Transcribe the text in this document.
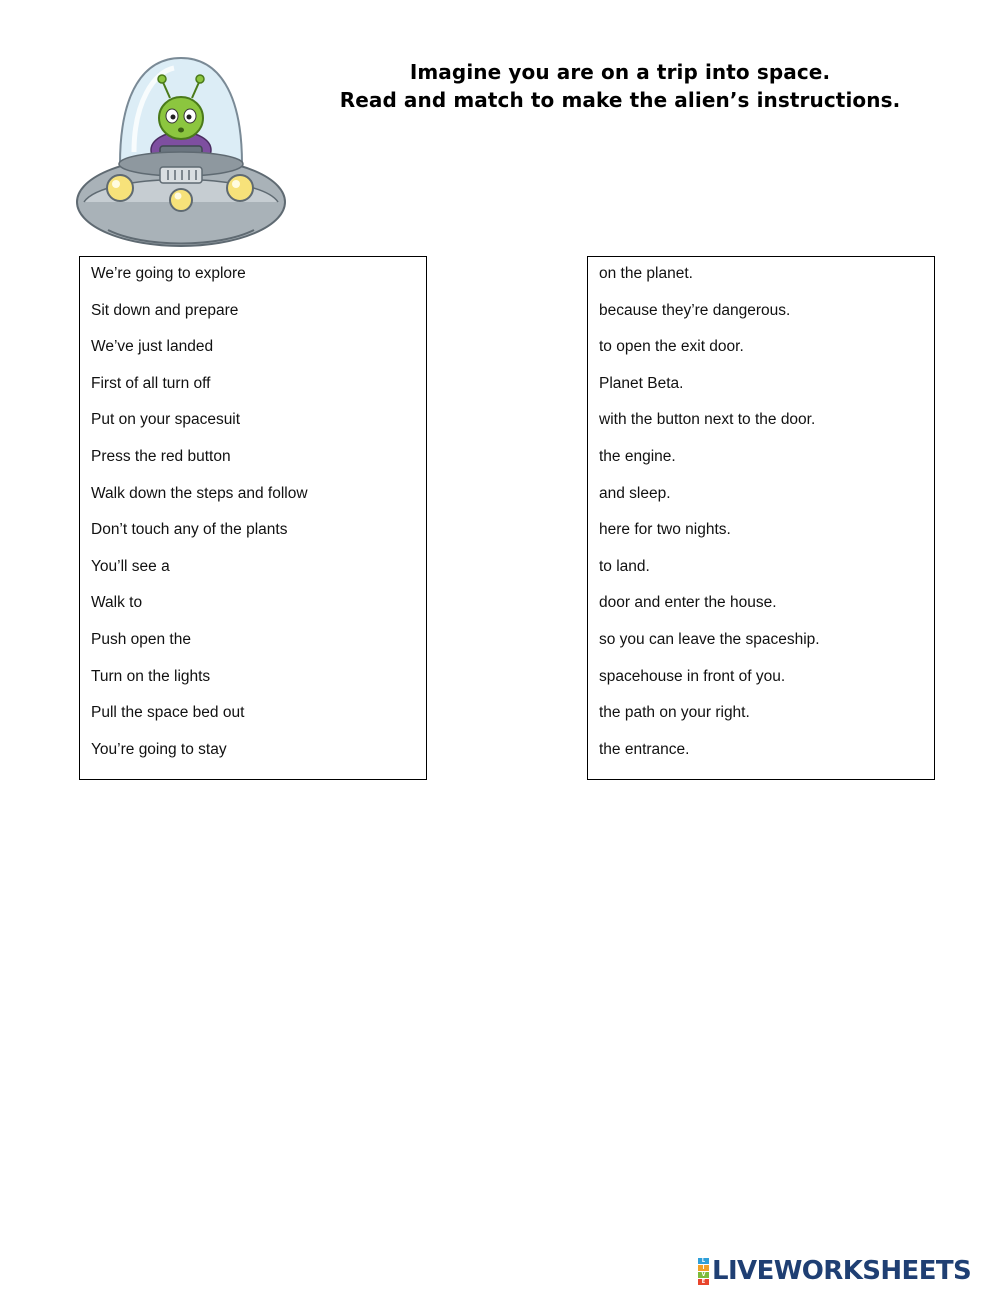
Imagine you are on a trip into space.
Read and match to make the alien’s instructions.
We’re going to explore
Sit down and prepare
We’ve just landed
First of all turn off
Put on your spacesuit
Press the red button
Walk down the steps and follow
Don’t touch any of the plants
You’ll see a
Walk to
Push open the
Turn on the lights
Pull the space bed out
You’re going to stay
on the planet.
because they’re dangerous.
to open the exit door.
Planet Beta.
with the button next to the door.
the engine.
and sleep.
here for two nights.
to land.
door and enter the house.
so you can leave the spaceship.
spacehouse in front of you.
the path on your right.
the entrance.
L
I
V
E LIVEWORKSHEETS
